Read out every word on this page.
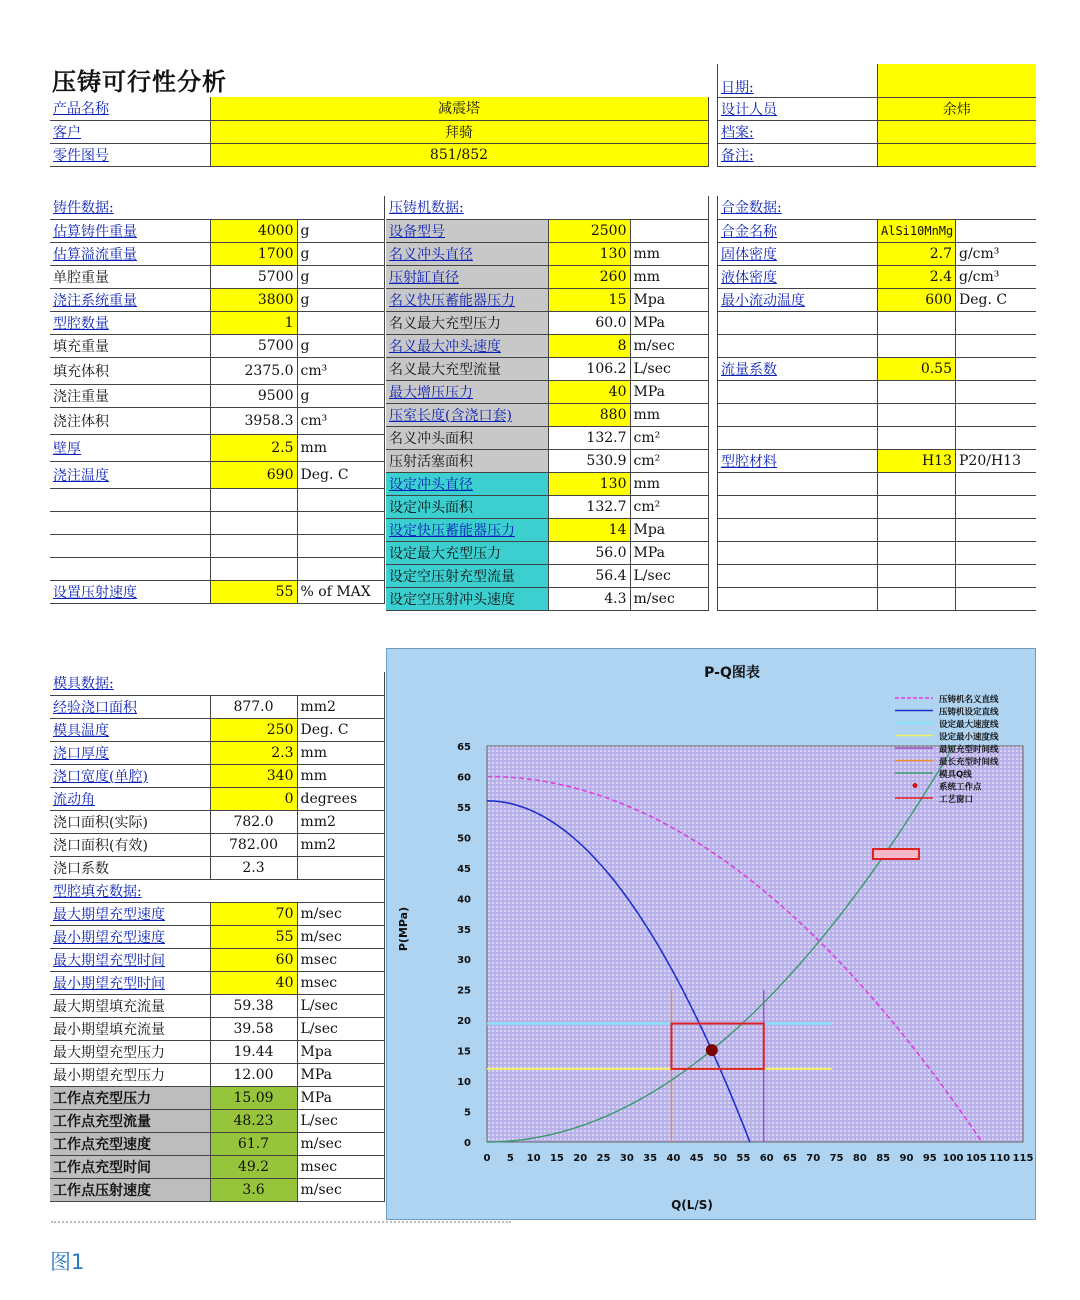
压铸可行性分析
产品名称	减震塔
客户	拜骑
零件图号	851/852
日期:	
设计人员	余炜
档案:	
备注:	
铸件数据:		
估算铸件重量	4000	g
估算溢流重量	1700	g
单腔重量	5700	g
浇注系统重量	3800	g
型腔数量	1	
填充重量	5700	g
填充体积	2375.0	cm³
浇注重量	9500	g
浇注体积	3958.3	cm³
壁厚	2.5	mm
浇注温度	690	Deg. C

设置压射速度	55	% of MAX
压铸机数据:		
设备型号	2500	
名义冲头直径	130	mm
压射缸直径	260	mm
名义快压蓄能器压力	15	Mpa
名义最大充型压力	60.0	MPa
名义最大冲头速度	8	m/sec
名义最大充型流量	106.2	L/sec
最大增压压力	40	MPa
压室长度(含浇口套)	880	mm
名义冲头面积	132.7	cm²
压射活塞面积	530.9	cm²
设定冲头直径	130	mm
设定冲头面积	132.7	cm²
设定快压蓄能器压力	14	Mpa
设定最大充型压力	56.0	MPa
设定空压射充型流量	56.4	L/sec
设定空压射冲头速度	4.3	m/sec
合金数据:		
合金名称	AlSi10MnMg	
固体密度	2.7	g/cm³
液体密度	2.4	g/cm³
最小流动温度	600	Deg. C

流量系数	0.55	

型腔材料	H13	P20/H13

模具数据:		
经验浇口面积	877.0	mm2
模具温度	250	Deg. C
浇口厚度	2.3	mm
浇口宽度(单腔)	340	mm
流动角	0	degrees
浇口面积(实际)	782.0	mm2
浇口面积(有效)	782.00	mm2
浇口系数	2.3	
型腔填充数据:		
最大期望充型速度	70	m/sec
最小期望充型速度	55	m/sec
最大期望充型时间	60	msec
最小期望充型时间	40	msec
最大期望填充流量	59.38	L/sec
最小期望填充流量	39.58	L/sec
最大期望充型压力	19.44	Mpa
最小期望充型压力	12.00	MPa
工作点充型压力	15.09	MPa
工作点充型流量	48.23	L/sec
工作点充型速度	61.7	m/sec
工作点充型时间	49.2	msec
工作点压射速度	3.6	m/sec
P-Q图表
0 5 10 15 20 25 30 35 40 45 50 55 60 65 70 75 80 85 90 95 100 105 110 115
0
5
10
15
20
25
30
35
40
45
50
55
60
65
Q(L/S)
P(MPa)
压铸机名义直线
压铸机设定直线
设定最大速度线
设定最小速度线
最短充型时间线
最长充型时间线
模具Q线
系统工作点
工艺窗口
图1
